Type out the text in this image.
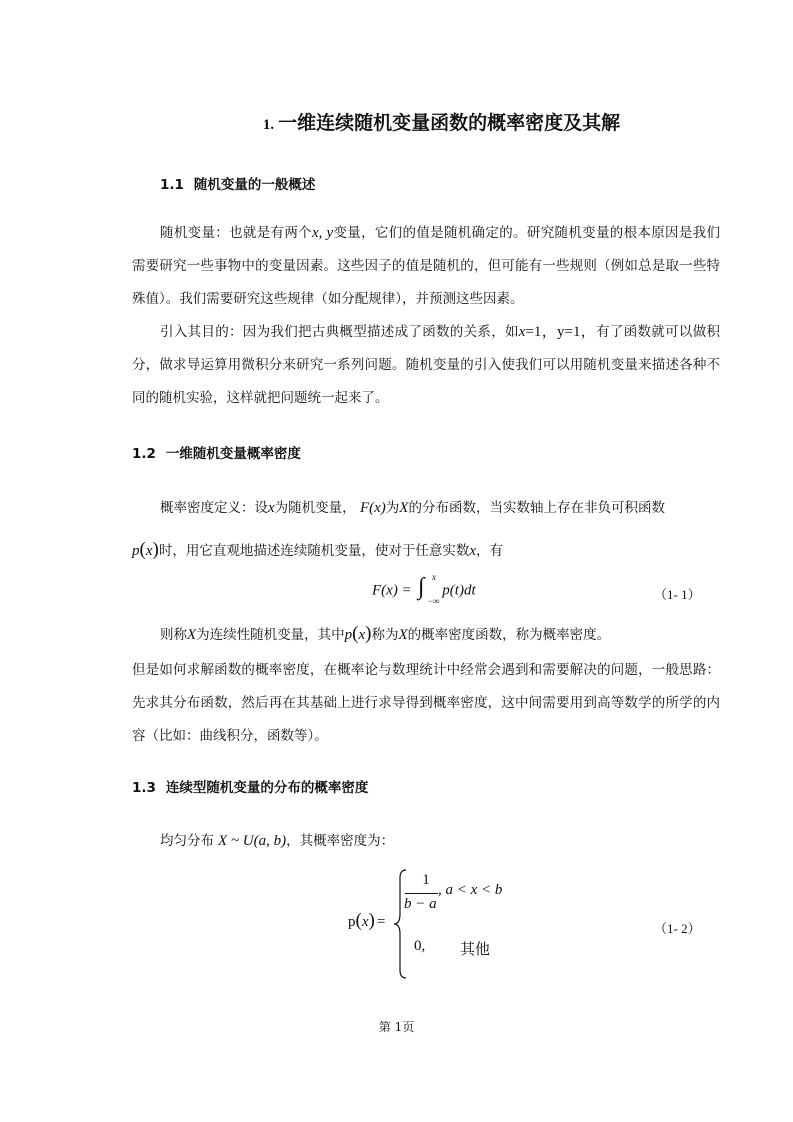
1. 一维连续随机变量函数的概率密度及其解
1.1 随机变量的一般概述
随机变量：也就是有两个x, y变量，它们的值是随机确定的。研究随机变量的根本原因是我们需要研究一些事物中的变量因素。这些因子的值是随机的，但可能有一些规则（例如总是取一些特殊值）。我们需要研究这些规律（如分配规律），并预测这些因素。
引入其目的：因为我们把古典概型描述成了函数的关系，如x=1，y=1，有了函数就可以做积分，做求导运算用微积分来研究一系列问题。随机变量的引入使我们可以用随机变量来描述各种不同的随机实验，这样就把问题统一起来了。
1.2 一维随机变量概率密度
概率密度定义：设x为随机变量， F(x)为X的分布函数，当实数轴上存在非负可积函数
p(x)时，用它直观地描述连续随机变量，使对于任意实数x，有
F(x) = ∫ x
−∞
p(t)dt	（1- 1）
则称X为连续性随机变量，其中p(x)称为X的概率密度函数，称为概率密度。
但是如何求解函数的概率密度，在概率论与数理统计中经常会遇到和需要解决的问题，一般思路：先求其分布函数，然后再在其基础上进行求导得到概率密度，这中间需要用到高等数学的所学的内容（比如：曲线积分，函数等）。
1.3 连续型随机变量的分布的概率密度
均匀分布 X ~ U(a, b)，其概率密度为：
p(x) =
1
b − a
, a < x < b
0, 其他
（1- 2）
第 1页
